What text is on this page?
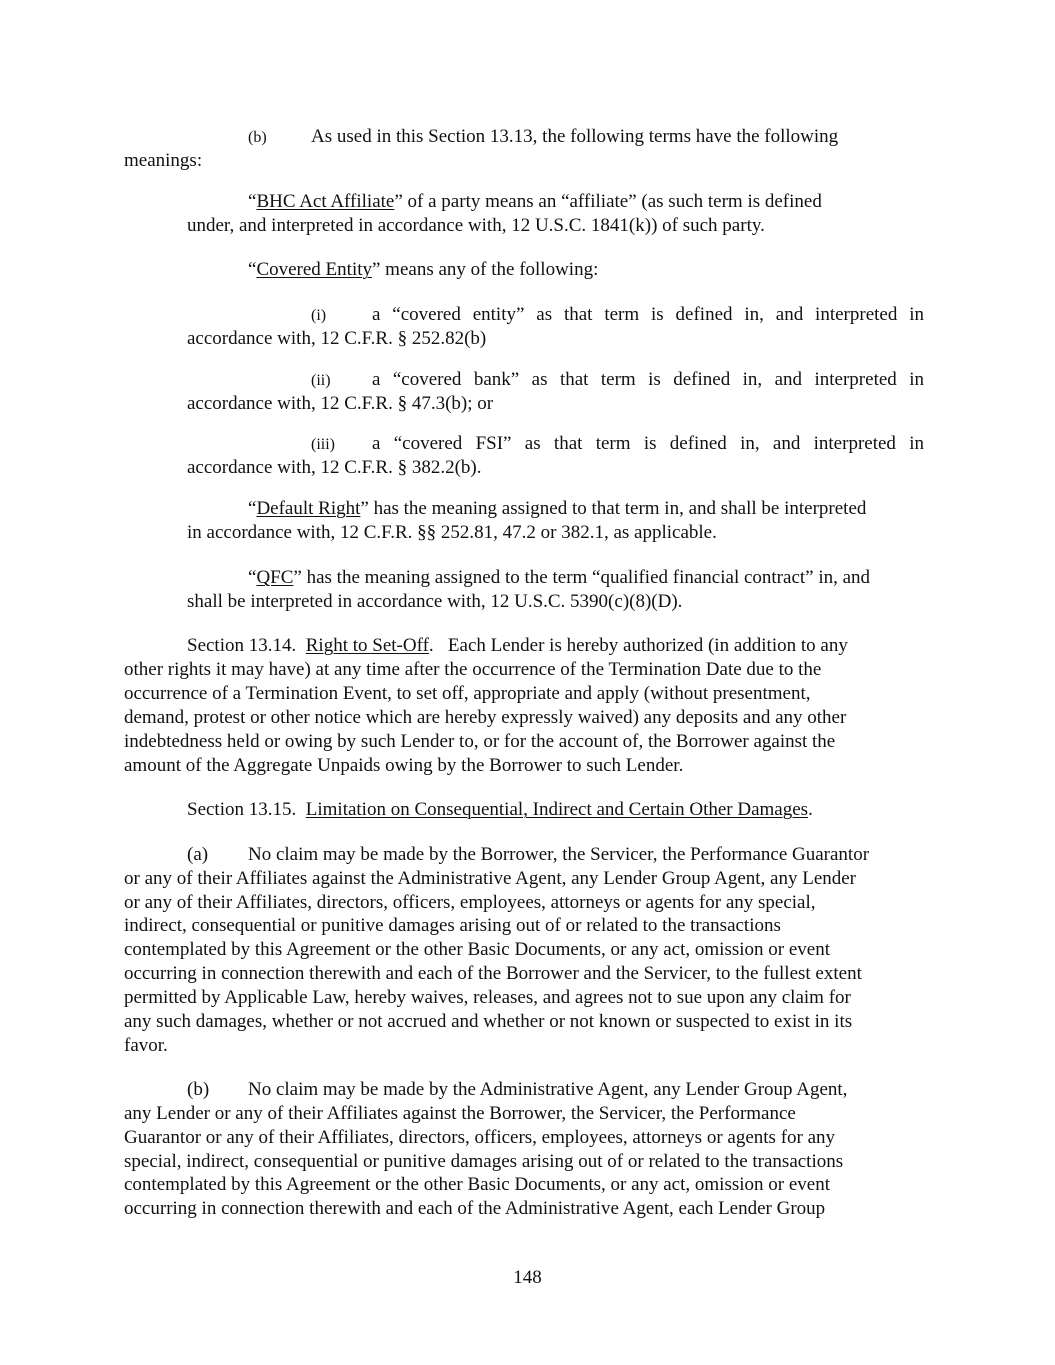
(b) As used in this Section 13.13, the following terms have the following
meanings:
“BHC Act Affiliate” of a party means an “affiliate” (as such term is defined
under, and interpreted in accordance with, 12 U.S.C. 1841(k)) of such party.
“Covered Entity” means any of the following:
(i) a “covered entity” as that term is defined in, and interpreted in
accordance with, 12 C.F.R. § 252.82(b)
(ii) a “covered bank” as that term is defined in, and interpreted in
accordance with, 12 C.F.R. § 47.3(b); or
(iii) a “covered FSI” as that term is defined in, and interpreted in
accordance with, 12 C.F.R. § 382.2(b).
“Default Right” has the meaning assigned to that term in, and shall be interpreted
in accordance with, 12 C.F.R. §§ 252.81, 47.2 or 382.1, as applicable.
“QFC” has the meaning assigned to the term “qualified financial contract” in, and
shall be interpreted in accordance with, 12 U.S.C. 5390(c)(8)(D).
Section 13.14. Right to Set-Off. Each Lender is hereby authorized (in addition to any
other rights it may have) at any time after the occurrence of the Termination Date due to the
occurrence of a Termination Event, to set off, appropriate and apply (without presentment,
demand, protest or other notice which are hereby expressly waived) any deposits and any other
indebtedness held or owing by such Lender to, or for the account of, the Borrower against the
amount of the Aggregate Unpaids owing by the Borrower to such Lender.
Section 13.15. Limitation on Consequential, Indirect and Certain Other Damages.
(a) No claim may be made by the Borrower, the Servicer, the Performance Guarantor
or any of their Affiliates against the Administrative Agent, any Lender Group Agent, any Lender
or any of their Affiliates, directors, officers, employees, attorneys or agents for any special,
indirect, consequential or punitive damages arising out of or related to the transactions
contemplated by this Agreement or the other Basic Documents, or any act, omission or event
occurring in connection therewith and each of the Borrower and the Servicer, to the fullest extent
permitted by Applicable Law, hereby waives, releases, and agrees not to sue upon any claim for
any such damages, whether or not accrued and whether or not known or suspected to exist in its
favor.
(b) No claim may be made by the Administrative Agent, any Lender Group Agent,
any Lender or any of their Affiliates against the Borrower, the Servicer, the Performance
Guarantor or any of their Affiliates, directors, officers, employees, attorneys or agents for any
special, indirect, consequential or punitive damages arising out of or related to the transactions
contemplated by this Agreement or the other Basic Documents, or any act, omission or event
occurring in connection therewith and each of the Administrative Agent, each Lender Group
148
